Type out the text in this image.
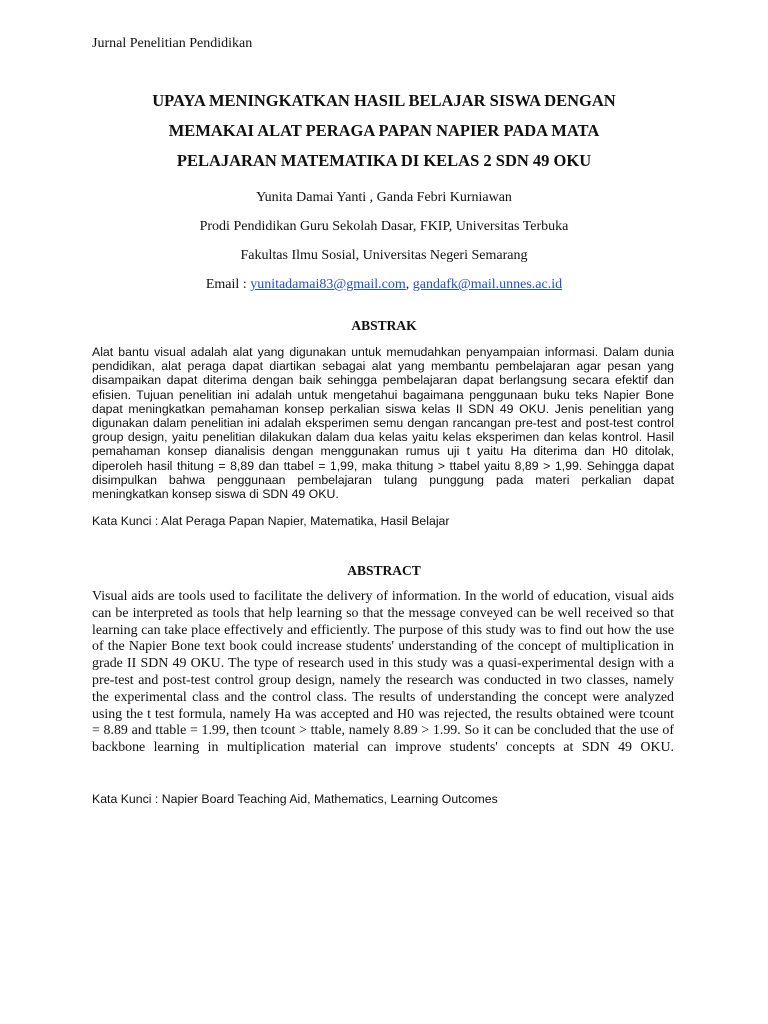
Jurnal Penelitian Pendidikan
UPAYA MENINGKATKAN HASIL BELAJAR SISWA DENGAN
MEMAKAI ALAT PERAGA PAPAN NAPIER PADA MATA
PELAJARAN MATEMATIKA DI KELAS 2 SDN 49 OKU
Yunita Damai Yanti , Ganda Febri Kurniawan
Prodi Pendidikan Guru Sekolah Dasar, FKIP, Universitas Terbuka
Fakultas Ilmu Sosial, Universitas Negeri Semarang
Email : yunitadamai83@gmail.com, gandafk@mail.unnes.ac.id
ABSTRAK

Alat bantu visual adalah alat yang digunakan untuk memudahkan penyampaian informasi. Dalam dunia pendidikan, alat peraga dapat diartikan sebagai alat yang membantu pembelajaran agar pesan yang disampaikan dapat diterima dengan baik sehingga pembelajaran dapat berlangsung secara efektif dan efisien. Tujuan penelitian ini adalah untuk mengetahui bagaimana penggunaan buku teks Napier Bone dapat meningkatkan pemahaman konsep perkalian siswa kelas II SDN 49 OKU. Jenis penelitian yang digunakan dalam penelitian ini adalah eksperimen semu dengan rancangan pre-test and post-test control group design, yaitu penelitian dilakukan dalam dua kelas yaitu kelas eksperimen dan kelas kontrol. Hasil pemahaman konsep dianalisis dengan menggunakan rumus uji t yaitu Ha diterima dan H0 ditolak, diperoleh hasil thitung = 8,89 dan ttabel = 1,99, maka thitung > ttabel yaitu 8,89 > 1,99. Sehingga dapat disimpulkan bahwa penggunaan pembelajaran tulang punggung pada materi perkalian dapat meningkatkan konsep siswa di SDN 49 OKU.

Kata Kunci : Alat Peraga Papan Napier, Matematika, Hasil Belajar
ABSTRACT

Visual aids are tools used to facilitate the delivery of information. In the world of education, visual aids can be interpreted as tools that help learning so that the message conveyed can be well received so that learning can take place effectively and efficiently. The purpose of this study was to find out how the use of the Napier Bone text book could increase students' understanding of the concept of multiplication in grade II SDN 49 OKU. The type of research used in this study was a quasi-experimental design with a pre-test and post-test control group design, namely the research was conducted in two classes, namely the experimental class and the control class. The results of understanding the concept were analyzed using the t test formula, namely Ha was accepted and H0 was rejected, the results obtained were tcount = 8.89 and ttable = 1.99, then tcount > ttable, namely 8.89 > 1.99. So it can be concluded that the use of backbone learning in multiplication material can improve students' concepts at SDN 49 OKU.

Kata Kunci : Napier Board Teaching Aid, Mathematics, Learning Outcomes
